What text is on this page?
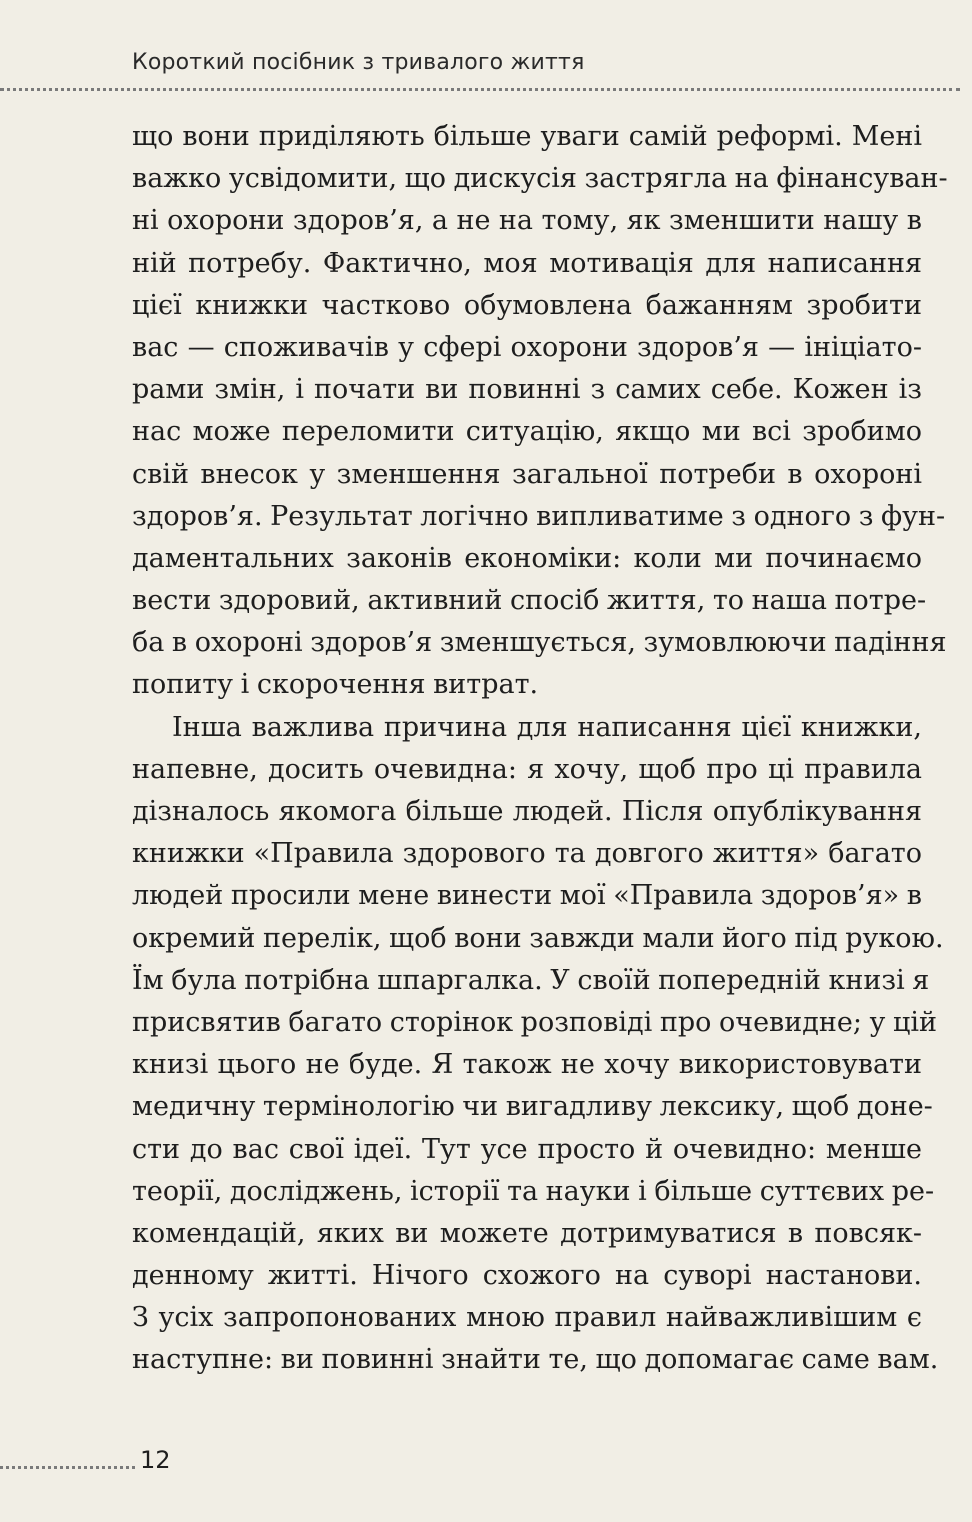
Короткий посібник з тривалого життя
що вони приділяють більше уваги самій реформі. Мені
важко усвідомити, що дискусія застрягла на фінансуван-
ні охорони здоров’я, а не на тому, як зменшити нашу в
ній потребу. Фактично, моя мотивація для написання
цієї книжки частково обумовлена бажанням зробити
вас — споживачів у сфері охорони здоров’я — ініціато-
рами змін, і почати ви повинні з самих себе. Кожен із
нас може переломити ситуацію, якщо ми всі зробимо
свій внесок у зменшення загальної потреби в охороні
здоров’я. Результат логічно випливатиме з одного з фун-
даментальних законів економіки: коли ми починаємо
вести здоровий, активний спосіб життя, то наша потре-
ба в охороні здоров’я зменшується, зумовлюючи падіння
попиту і скорочення витрат.
Інша важлива причина для написання цієї книжки,
напевне, досить очевидна: я хочу, щоб про ці правила
дізналось якомога більше людей. Після опублікування
книжки «Правила здорового та довгого життя» багато
людей просили мене винести мої «Правила здоров’я» в
окремий перелік, щоб вони завжди мали його під рукою.
Їм була потрібна шпаргалка. У своїй попередній книзі я
присвятив багато сторінок розповіді про очевидне; у цій
книзі цього не буде. Я також не хочу використовувати
медичну термінологію чи вигадливу лексику, щоб доне-
сти до вас свої ідеї. Тут усе просто й очевидно: менше
теорії, досліджень, історії та науки і більше суттєвих ре-
комендацій, яких ви можете дотримуватися в повсяк-
денному житті. Нічого схожого на суворі настанови.
З усіх запропонованих мною правил найважливішим є
наступне: ви повинні знайти те, що допомагає саме вам.
12
